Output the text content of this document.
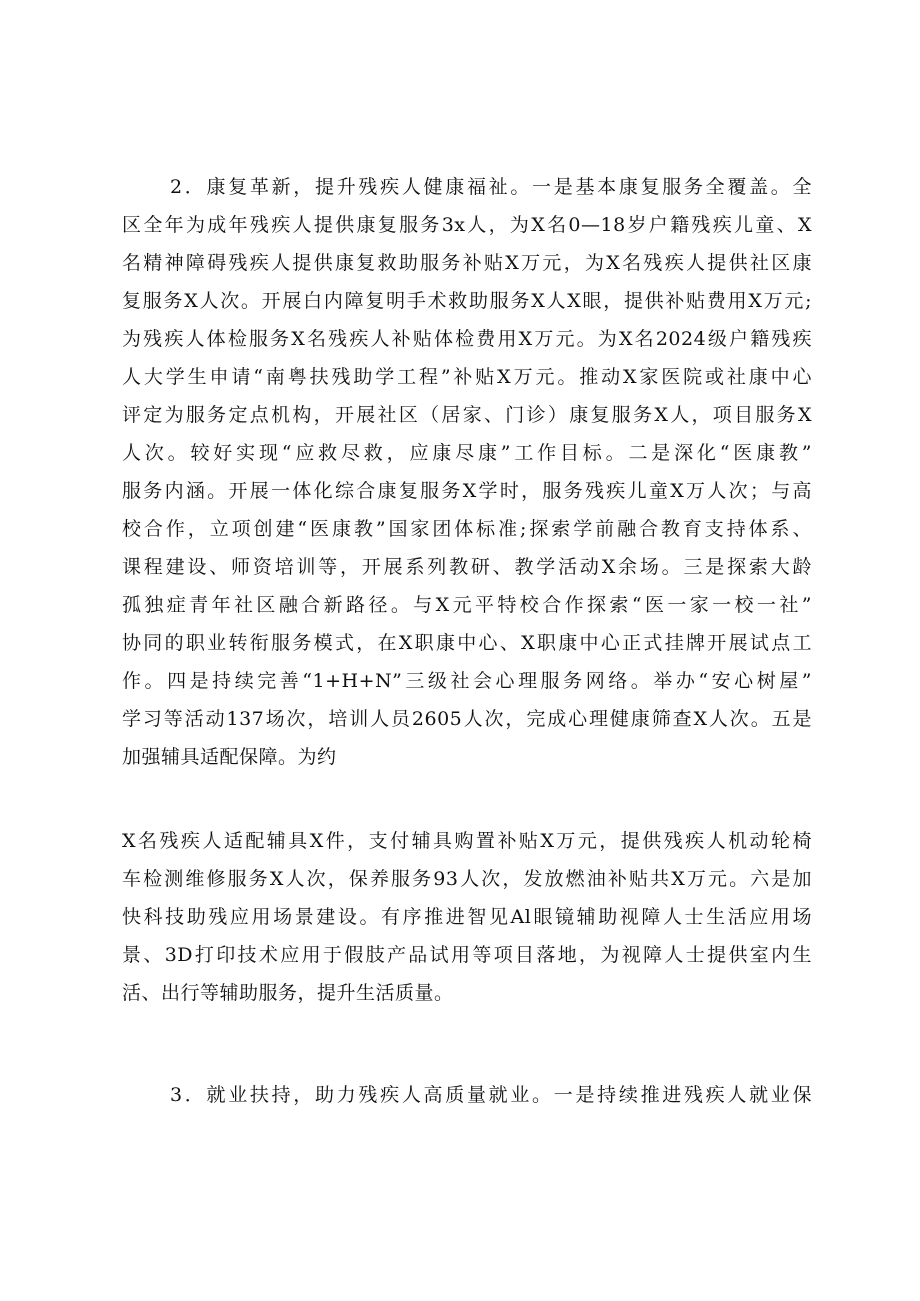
2．康复革新，提升残疾人健康福祉。一是基本康复服务全覆盖。全
区全年为成年残疾人提供康复服务3x人，为X名0—18岁户籍残疾儿童、X
名精神障碍残疾人提供康复救助服务补贴X万元，为X名残疾人提供社区康
复服务X人次。开展白内障复明手术救助服务X人X眼，提供补贴费用X万元;
为残疾人体检服务X名残疾人补贴体检费用X万元。为X名2024级户籍残疾
人大学生申请“南粤扶残助学工程”补贴X万元。推动X家医院或社康中心
评定为服务定点机构，开展社区（居家、门诊）康复服务X人，项目服务X
人次。较好实现“应救尽救，应康尽康”工作目标。二是深化“医康教”
服务内涵。开展一体化综合康复服务X学时，服务残疾儿童X万人次；与高
校合作，立项创建“医康教”国家团体标准;探索学前融合教育支持体系、
课程建设、师资培训等，开展系列教研、教学活动X余场。三是探索大龄
孤独症青年社区融合新路径。与X元平特校合作探索“医一家一校一社”
协同的职业转衔服务模式，在X职康中心、X职康中心正式挂牌开展试点工
作。四是持续完善“1+H+N”三级社会心理服务网络。举办“安心树屋”
学习等活动137场次，培训人员2605人次，完成心理健康筛查X人次。五是
加强辅具适配保障。为约
X名残疾人适配辅具X件，支付辅具购置补贴X万元，提供残疾人机动轮椅
车检测维修服务X人次，保养服务93人次，发放燃油补贴共X万元。六是加
快科技助残应用场景建设。有序推进智见Al眼镜辅助视障人士生活应用场
景、3D打印技术应用于假肢产品试用等项目落地，为视障人士提供室内生
活、出行等辅助服务，提升生活质量。
3．就业扶持，助力残疾人高质量就业。一是持续推进残疾人就业保
